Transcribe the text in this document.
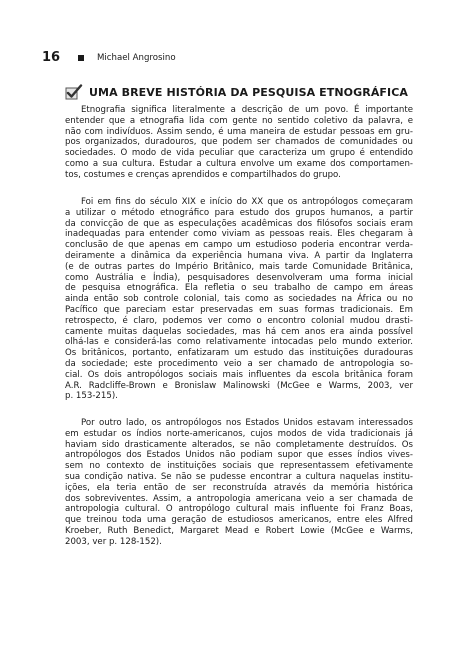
16	Michael Angrosino
UMA BREVE HISTÓRIA DA PESQUISA ETNOGRÁFICA

Etnografia significa literalmente a descrição de um povo. É importante
entender que a etnografia lida com gente no sentido coletivo da palavra, e
não com indivíduos. Assim sendo, é uma maneira de estudar pessoas em gru-
pos organizados, duradouros, que podem ser chamados de comunidades ou
sociedades. O modo de vida peculiar que caracteriza um grupo é entendido
como a sua cultura. Estudar a cultura envolve um exame dos comportamen-
tos, costumes e crenças aprendidos e compartilhados do grupo.

Foi em fins do século XIX e início do XX que os antropólogos começaram
a utilizar o método etnográfico para estudo dos grupos humanos, a partir
da convicção de que as especulações acadêmicas dos filósofos sociais eram
inadequadas para entender como viviam as pessoas reais. Eles chegaram à
conclusão de que apenas em campo um estudioso poderia encontrar verda-
deiramente a dinâmica da experiência humana viva. A partir da Inglaterra
(e de outras partes do Império Britânico, mais tarde Comunidade Britânica,
como Austrália e Índia), pesquisadores desenvolveram uma forma inicial
de pesquisa etnográfica. Ela refletia o seu trabalho de campo em áreas
ainda então sob controle colonial, tais como as sociedades na África ou no
Pacífico que pareciam estar preservadas em suas formas tradicionais. Em
retrospecto, é claro, podemos ver como o encontro colonial mudou drasti-
camente muitas daquelas sociedades, mas há cem anos era ainda possível
olhá-las e considerá-las como relativamente intocadas pelo mundo exterior.
Os britânicos, portanto, enfatizaram um estudo das instituições duradouras
da sociedade; este procedimento veio a ser chamado de antropologia so-
cial. Os dois antropólogos sociais mais influentes da escola britânica foram
A.R. Radcliffe-Brown e Bronislaw Malinowski (McGee e Warms, 2003, ver
p. 153-215).

Por outro lado, os antropólogos nos Estados Unidos estavam interessados
em estudar os índios norte-americanos, cujos modos de vida tradicionais já
haviam sido drasticamente alterados, se não completamente destruídos. Os
antropólogos dos Estados Unidos não podiam supor que esses índios vives-
sem no contexto de instituições sociais que representassem efetivamente
sua condição nativa. Se não se pudesse encontrar a cultura naquelas institu-
ições, ela teria então de ser reconstruída através da memória histórica
dos sobreviventes. Assim, a antropologia americana veio a ser chamada de
antropologia cultural. O antropólogo cultural mais influente foi Franz Boas,
que treinou toda uma geração de estudiosos americanos, entre eles Alfred
Kroeber, Ruth Benedict, Margaret Mead e Robert Lowie (McGee e Warms,
2003, ver p. 128-152).
